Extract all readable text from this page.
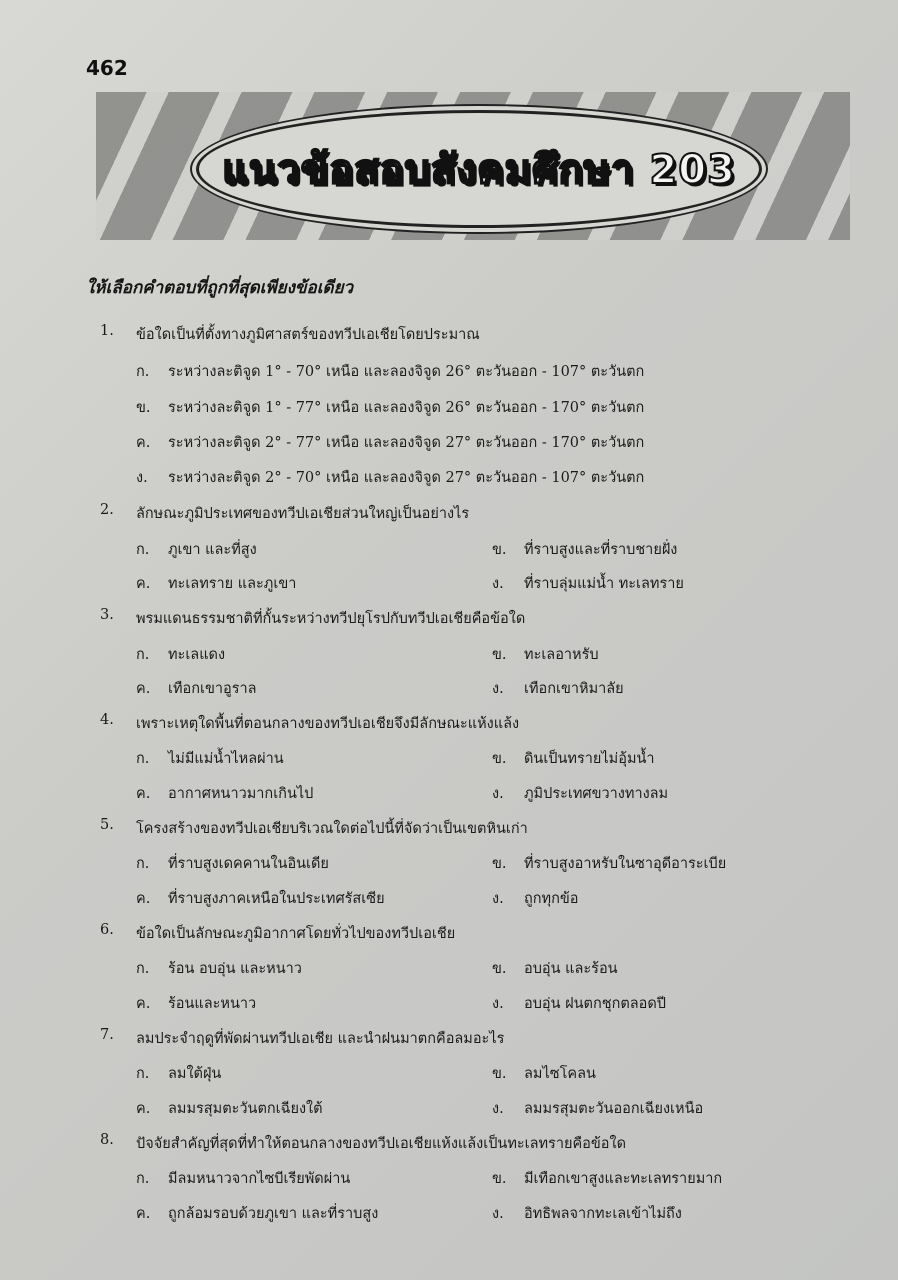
462
แนวข้อสอบสังคมศึกษา 203
ให้เลือกคำตอบที่ถูกที่สุดเพียงข้อเดียว
1. ข้อใดเป็นที่ตั้งทางภูมิศาสตร์ของทวีปเอเชียโดยประมาณ
ก. ระหว่างละติจูด 1° - 70° เหนือ และลองจิจูด 26° ตะวันออก - 107° ตะวันตก
ข. ระหว่างละติจูด 1° - 77° เหนือ และลองจิจูด 26° ตะวันออก - 170° ตะวันตก
ค. ระหว่างละติจูด 2° - 77° เหนือ และลองจิจูด 27° ตะวันออก - 170° ตะวันตก
ง. ระหว่างละติจูด 2° - 70° เหนือ และลองจิจูด 27° ตะวันออก - 107° ตะวันตก
2. ลักษณะภูมิประเทศของทวีปเอเชียส่วนใหญ่เป็นอย่างไร
ก. ภูเขา และที่สูง	ข. ที่ราบสูงและที่ราบชายฝั่ง
ค. ทะเลทราย และภูเขา	ง. ที่ราบลุ่มแม่น้ำ ทะเลทราย
3. พรมแดนธรรมชาติที่กั้นระหว่างทวีปยุโรปกับทวีปเอเชียคือข้อใด
ก. ทะเลแดง	ข. ทะเลอาหรับ
ค. เทือกเขาอูราล	ง. เทือกเขาหิมาลัย
4. เพราะเหตุใดพื้นที่ตอนกลางของทวีปเอเชียจึงมีลักษณะแห้งแล้ง
ก. ไม่มีแม่น้ำไหลผ่าน	ข. ดินเป็นทรายไม่อุ้มน้ำ
ค. อากาศหนาวมากเกินไป	ง. ภูมิประเทศขวางทางลม
5. โครงสร้างของทวีปเอเชียบริเวณใดต่อไปนี้ที่จัดว่าเป็นเขตหินเก่า
ก. ที่ราบสูงเดคคานในอินเดีย	ข. ที่ราบสูงอาหรับในซาอุดีอาระเบีย
ค. ที่ราบสูงภาคเหนือในประเทศรัสเซีย	ง. ถูกทุกข้อ
6. ข้อใดเป็นลักษณะภูมิอากาศโดยทั่วไปของทวีปเอเชีย
ก. ร้อน อบอุ่น และหนาว	ข. อบอุ่น และร้อน
ค. ร้อนและหนาว	ง. อบอุ่น ฝนตกชุกตลอดปี
7. ลมประจำฤดูที่พัดผ่านทวีปเอเชีย และนำฝนมาตกคือลมอะไร
ก. ลมใต้ฝุ่น	ข. ลมไซโคลน
ค. ลมมรสุมตะวันตกเฉียงใต้	ง. ลมมรสุมตะวันออกเฉียงเหนือ
8. ปัจจัยสำคัญที่สุดที่ทำให้ตอนกลางของทวีปเอเชียแห้งแล้งเป็นทะเลทรายคือข้อใด
ก. มีลมหนาวจากไซบีเรียพัดผ่าน	ข. มีเทือกเขาสูงและทะเลทรายมาก
ค. ถูกล้อมรอบด้วยภูเขา และที่ราบสูง	ง. อิทธิพลจากทะเลเข้าไม่ถึง
